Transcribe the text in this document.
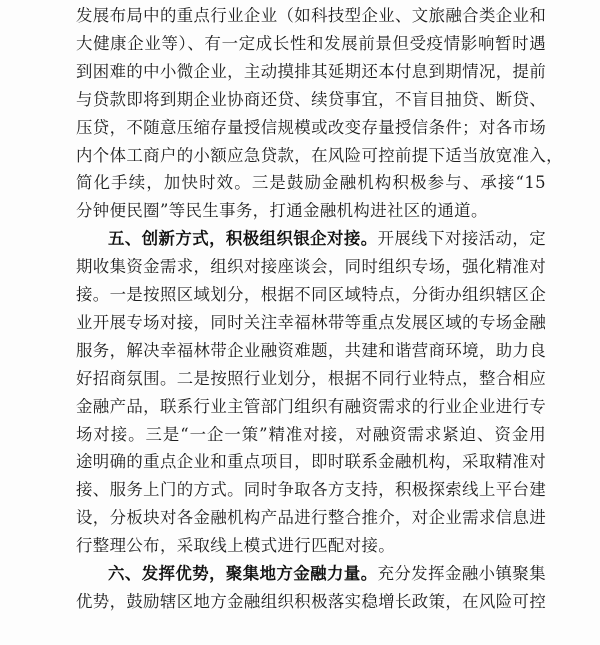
发展布局中的重点行业企业（如科技型企业、文旅融合类企业和
大健康企业等）、有一定成长性和发展前景但受疫情影响暂时遇
到困难的中小微企业，主动摸排其延期还本付息到期情况，提前
与贷款即将到期企业协商还贷、续贷事宜，不盲目抽贷、断贷、
压贷，不随意压缩存量授信规模或改变存量授信条件；对各市场
内个体工商户的小额应急贷款，在风险可控前提下适当放宽准入，
简化手续，加快时效。三是鼓励金融机构积极参与、承接“15
分钟便民圈”等民生事务，打通金融机构进社区的通道。
五、创新方式，积极组织银企对接。开展线下对接活动，定
期收集资金需求，组织对接座谈会，同时组织专场，强化精准对
接。一是按照区域划分，根据不同区域特点，分街办组织辖区企
业开展专场对接，同时关注幸福林带等重点发展区域的专场金融
服务，解决幸福林带企业融资难题，共建和谐营商环境，助力良
好招商氛围。二是按照行业划分，根据不同行业特点，整合相应
金融产品，联系行业主管部门组织有融资需求的行业企业进行专
场对接。三是“一企一策”精准对接，对融资需求紧迫、资金用
途明确的重点企业和重点项目，即时联系金融机构，采取精准对
接、服务上门的方式。同时争取各方支持，积极探索线上平台建
设，分板块对各金融机构产品进行整合推介，对企业需求信息进
行整理公布，采取线上模式进行匹配对接。
六、发挥优势，聚集地方金融力量。充分发挥金融小镇聚集
优势，鼓励辖区地方金融组织积极落实稳增长政策，在风险可控
